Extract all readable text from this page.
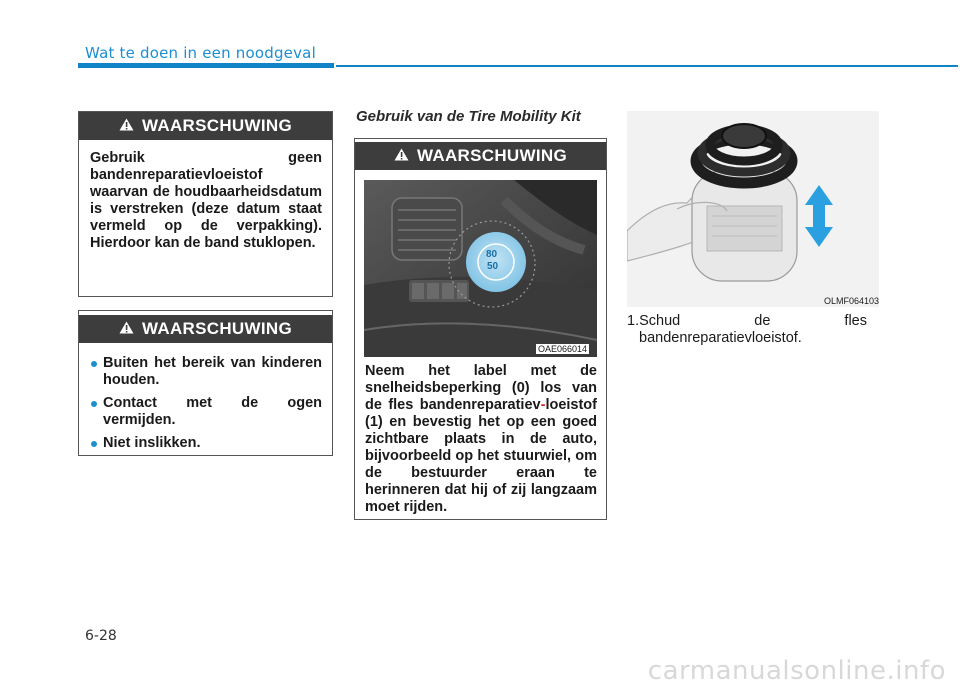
Wat te doen in een noodgeval
WAARSCHUWING
Gebruik geen bandenreparatievloeistof waarvan de houdbaarheidsdatum is verstreken (deze datum staat vermeld op de verpakking). Hierdoor kan de band stuklopen.
WAARSCHUWING
Buiten het bereik van kinderen houden.
Contact met de ogen vermijden.
Niet inslikken.
Gebruik van de Tire Mobility Kit
WAARSCHUWING
80
50
OAE066014
Neem het label met de snelheidsbeperking (0) los van de fles bandenreparatiev-loeistof (1) en bevestig het op een goed zichtbare plaats in de auto, bijvoorbeeld op het stuurwiel, om de bestuurder eraan te herinneren dat hij of zij langzaam moet rijden.
OLMF064103
1.Schud	de	fles
bandenreparatievloeistof.
6-28
carmanualsonline.info
